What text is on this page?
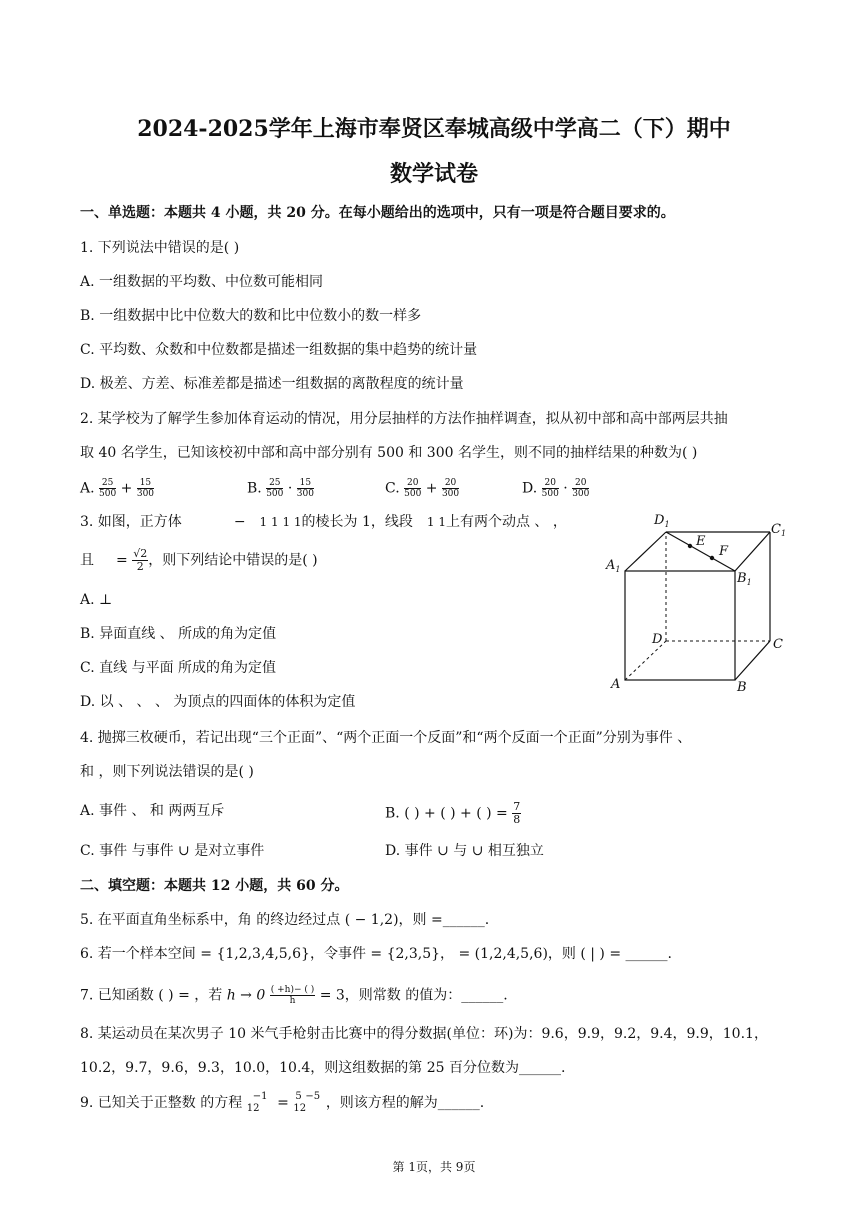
2024-2025学年上海市奉贤区奉城高级中学高二（下）期中
数学试卷
一、单选题：本题共 4 小题，共 20 分。在每小题给出的选项中，只有一项是符合题目要求的。
1. 下列说法中错误的是( )
A. 一组数据的平均数、中位数可能相同
B. 一组数据中比中位数大的数和比中位数小的数一样多
C. 平均数、众数和中位数都是描述一组数据的集中趋势的统计量
D. 极差、方差、标准差都是描述一组数据的离散程度的统计量
2. 某学校为了解学生参加体育运动的情况，用分层抽样的方法作抽样调查，拟从初中部和高中部两层共抽
取 40 名学生，已知该校初中部和高中部分别有 500 和 300 名学生，则不同的抽样结果的种数为( )
A. $\frac{25}{500} + \frac{15}{300}$	B. $\frac{25}{500} \cdot \frac{15}{300}$	C. $\frac{20}{500} + \frac{20}{300}$	D. $\frac{20}{500} \cdot \frac{20}{300}$
3. 如图，正方体	− 1 1 1 1的棱长为 1，线段 1 1上有两个动点 、 ，
且 = $\frac{√2}{2}$ ，则下列结论中错误的是( )
A. ⊥
B. 异面直线 、 所成的角为定值
C. 直线 与平面 所成的角为定值
D. 以 、 、 、 为顶点的四面体的体积为定值
$D_1$	$C_1$
$A_1$
$B_1$
E
F
D	C
A	B
4. 抛掷三枚硬币，若记出现“三个正面”、“两个正面一个反面”和“两个反面一个正面”分别为事件 、
和 ，则下列说法错误的是( )
A. 事件 、 和 两两互斥	B. ( ) + ( ) + ( ) = $\frac{7}{8}$
C. 事件 与事件 ∪ 是对立事件	D. 事件 ∪ 与 ∪ 相互独立
二、填空题：本题共 12 小题，共 60 分。
5. 在平面直角坐标系中，角 的终边经过点 ( − 1,2)，则 =______.
6. 若一个样本空间 = {1,2,3,4,5,6}，令事件 = {2,3,5}， = (1,2,4,5,6)，则 ( | ) = ______.
7. 已知函数 ( ) = ，若 $h \to 0 \frac{( +h)- ( )}{h} = 3$，则常数 的值为：______.
8. 某运动员在某次男子 10 米气手枪射击比赛中的得分数据(单位：环)为：9.6，9.9，9.2，9.4，9.9，10.1，
10.2，9.7，9.6，9.3，10.0，10.4，则这组数据的第 25 百分位数为______.
9. 已知关于正整数 的方程 −1
12 = 5 −5
12 ，则该方程的解为______.
第 1页，共 9页
